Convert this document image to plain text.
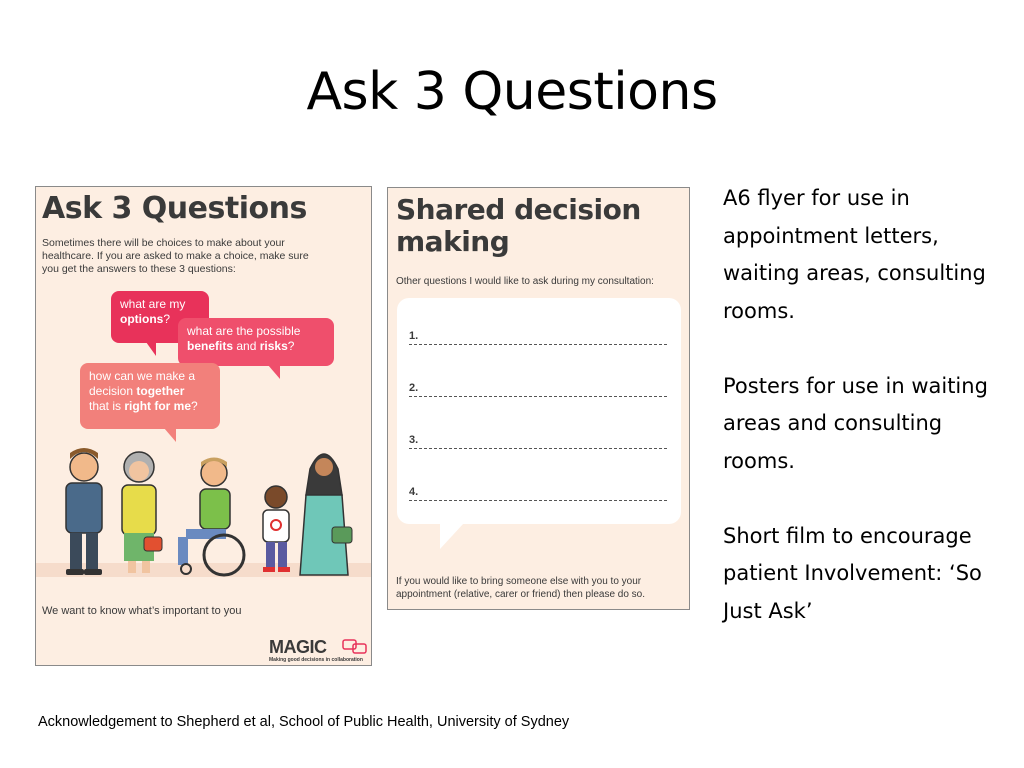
Ask 3 Questions
Ask 3 Questions
Sometimes there will be choices to make about your healthcare. If you are asked to make a choice, make sure you get the answers to these 3 questions:
what are my
options?
what are the possible
benefits and risks?
how can we make a decision together
that is right for me?
We want to know what’s important to you
MAGIC
Making good decisions in collaboration
Shared decision making
Other questions I would like to ask during my consultation:
1.
2.
3.
4.
If you would like to bring someone else with you to your appointment (relative, carer or friend) then please do so.

A6 flyer for use in appointment letters, waiting areas, consulting rooms.

Posters for use in waiting areas and consulting rooms.

Short film to encourage patient Involvement: ‘So Just Ask’

Acknowledgement to Shepherd et al, School of Public Health, University of Sydney
